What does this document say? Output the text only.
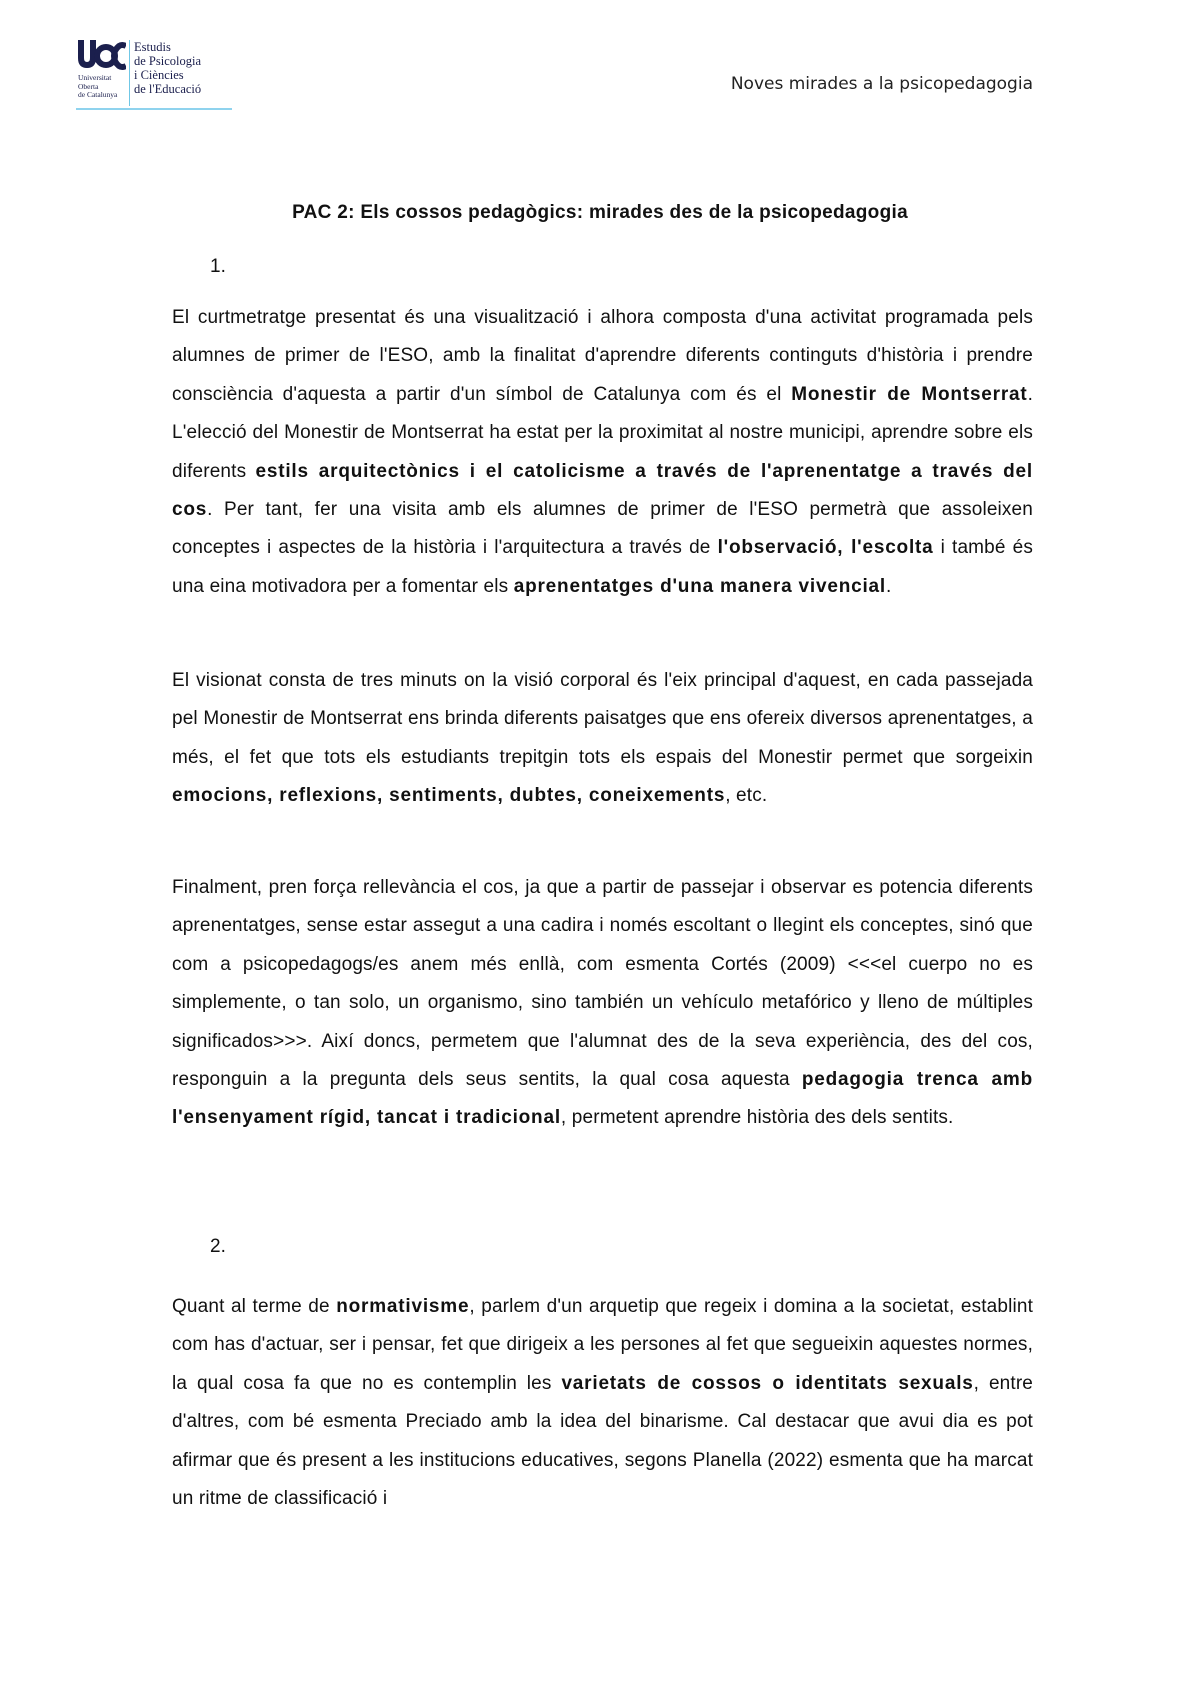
Universitat
Oberta
de Catalunya
Estudis
de Psicologia
i Ciències
de l'Educació	Noves mirades a la psicopedagogia
PAC 2: Els cossos pedagògics: mirades des de la psicopedagogia
1.
El curtmetratge presentat és una visualització i alhora composta d'una activitat programada pels alumnes de primer de l'ESO, amb la finalitat d'aprendre diferents continguts d'història i prendre consciència d'aquesta a partir d'un símbol de Catalunya com és el Monestir de Montserrat. L'elecció del Monestir de Montserrat ha estat per la proximitat al nostre municipi, aprendre sobre els diferents estils arquitectònics i el catolicisme a través de l'aprenentatge a través del cos. Per tant, fer una visita amb els alumnes de primer de l'ESO permetrà que assoleixen conceptes i aspectes de la història i l'arquitectura a través de l'observació, l'escolta i també és una eina motivadora per a fomentar els aprenentatges d'una manera vivencial.
El visionat consta de tres minuts on la visió corporal és l'eix principal d'aquest, en cada passejada pel Monestir de Montserrat ens brinda diferents paisatges que ens ofereix diversos aprenentatges, a més, el fet que tots els estudiants trepitgin tots els espais del Monestir permet que sorgeixin emocions, reflexions, sentiments, dubtes, coneixements, etc.
Finalment, pren força rellevància el cos, ja que a partir de passejar i observar es potencia diferents aprenentatges, sense estar assegut a una cadira i només escoltant o llegint els conceptes, sinó que com a psicopedagogs/es anem més enllà, com esmenta Cortés (2009) <<<el cuerpo no es simplemente, o tan solo, un organismo, sino también un vehículo metafórico y lleno de múltiples significados>>>. Així doncs, permetem que l'alumnat des de la seva experiència, des del cos, responguin a la pregunta dels seus sentits, la qual cosa aquesta pedagogia trenca amb l'ensenyament rígid, tancat i tradicional, permetent aprendre història des dels sentits.
2.
Quant al terme de normativisme, parlem d'un arquetip que regeix i domina a la societat, establint com has d'actuar, ser i pensar, fet que dirigeix a les persones al fet que segueixin aquestes normes, la qual cosa fa que no es contemplin les varietats de cossos o identitats sexuals, entre d'altres, com bé esmenta Preciado amb la idea del binarisme. Cal destacar que avui dia es pot afirmar que és present a les institucions educatives, segons Planella (2022) esmenta que ha marcat un ritme de classificació i
